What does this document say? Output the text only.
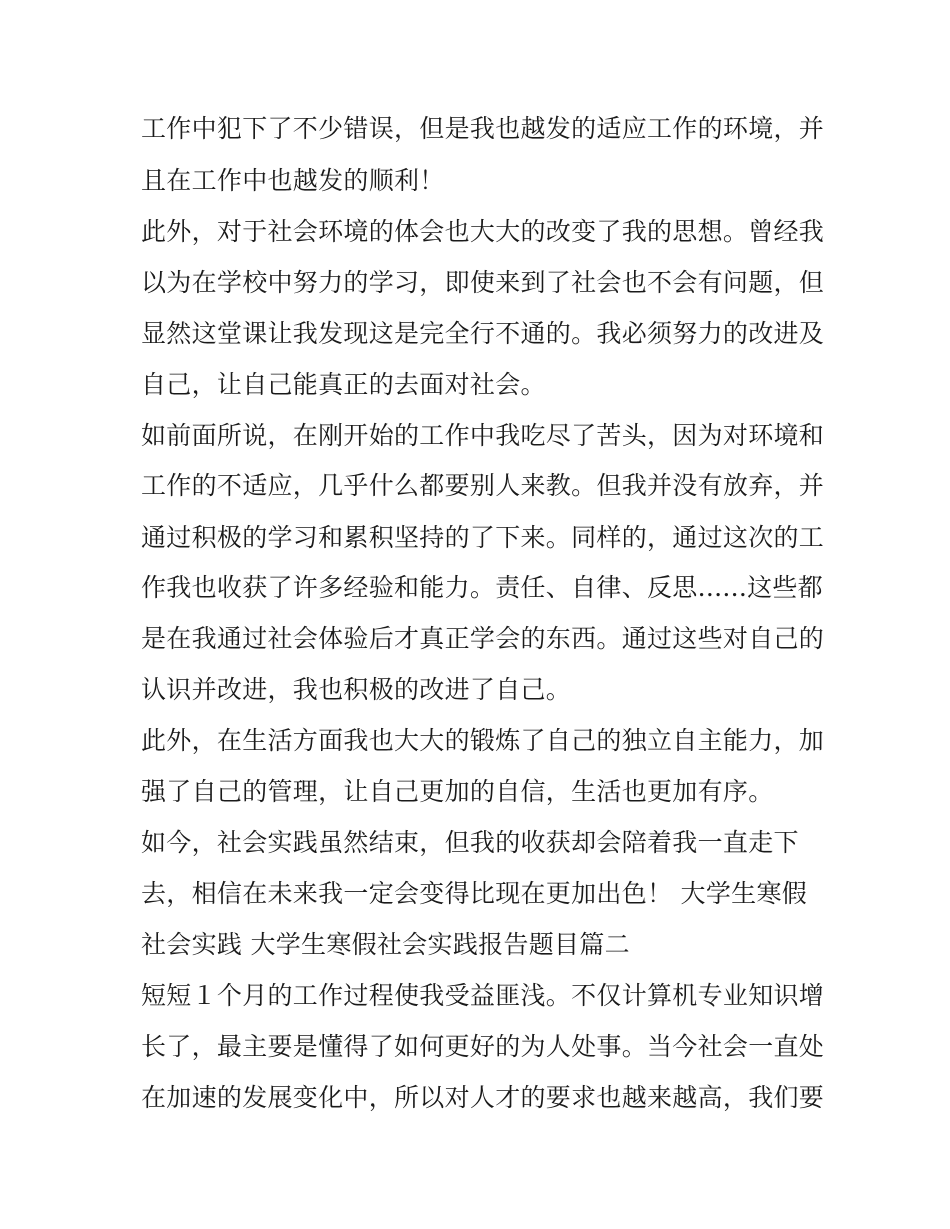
工作中犯下了不少错误，但是我也越发的适应工作的环境，并
且在工作中也越发的顺利！
此外，对于社会环境的体会也大大的改变了我的思想。曾经我
以为在学校中努力的学习，即使来到了社会也不会有问题，但
显然这堂课让我发现这是完全行不通的。我必须努力的改进及
自己，让自己能真正的去面对社会。
如前面所说，在刚开始的工作中我吃尽了苦头，因为对环境和
工作的不适应，几乎什么都要别人来教。但我并没有放弃，并
通过积极的学习和累积坚持的了下来。同样的，通过这次的工
作我也收获了许多经验和能力。责任、自律、反思......这些都
是在我通过社会体验后才真正学会的东西。通过这些对自己的
认识并改进，我也积极的改进了自己。
此外，在生活方面我也大大的锻炼了自己的独立自主能力，加
强了自己的管理，让自己更加的自信，生活也更加有序。
如今，社会实践虽然结束，但我的收获却会陪着我一直走下
去，相信在未来我一定会变得比现在更加出色！ 大学生寒假
社会实践 大学生寒假社会实践报告题目篇二
短短１个月的工作过程使我受益匪浅。不仅计算机专业知识增
长了，最主要是懂得了如何更好的为人处事。当今社会一直处
在加速的发展变化中，所以对人才的要求也越来越高，我们要
